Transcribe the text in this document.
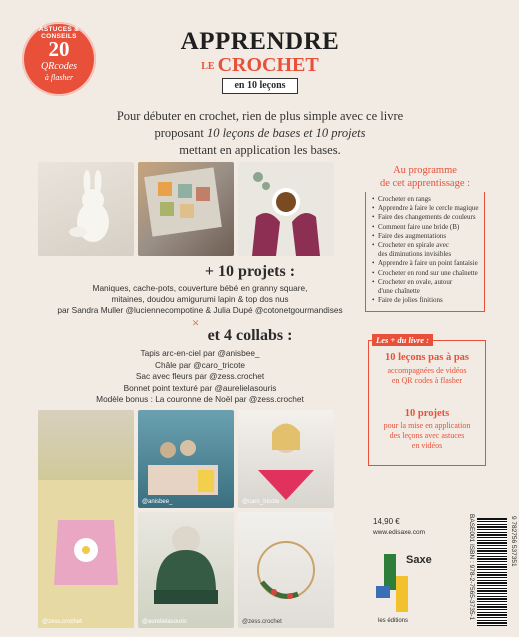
ASTUCES & CONSEILS
20
QRcodes
à flasher
APPRENDRE
LE CROCHET
en 10 leçons
Pour débuter en crochet, rien de plus simple avec ce livre
proposant 10 leçons de bases et 10 projets
mettant en application les bases.
Au programme
de cet apprentissage :
• Crocheter en rangs
• Apprendre à faire le cercle magique
• Faire des changements de couleurs
• Comment faire une bride (B)
• Faire des augmentations
• Crocheter en spirale avec
des diminutions invisibles
• Apprendre à faire un point fantaisie
• Crocheter en rond sur une chaînette
• Crocheter en ovale, autour
d'une chaînette
• Faire de jolies finitions
Les + du livre :
10 leçons pas à pas
accompagnées de vidéos
en QR codes à flasher
10 projets
pour la mise en application
des leçons avec astuces
en vidéos
+ 10 projets :
Maniques, cache-pots, couverture bébé en granny square,
mitaines, doudou amigurumi lapin & top dos nus
par Sandra Muller @luciennecompotine & Julia Dupé @cotonetgourmandises
×
et 4 collabs :
Tapis arc-en-ciel par @anisbee_
Châle par @caro_tricote
Sac avec fleurs par @zess.crochet
Bonnet point texturé par @aurelielasouris
Modèle bonus : La couronne de Noël par @zess.crochet
@zess.crochet
@anisbee_	@caro_tricote
@aurelielasouris	@zess.crochet
14,90 €
www.edisaxe.com
Saxe
les éditions
BASE001 ISBN : 978-2-7565-3735-1
9 782756 537351
